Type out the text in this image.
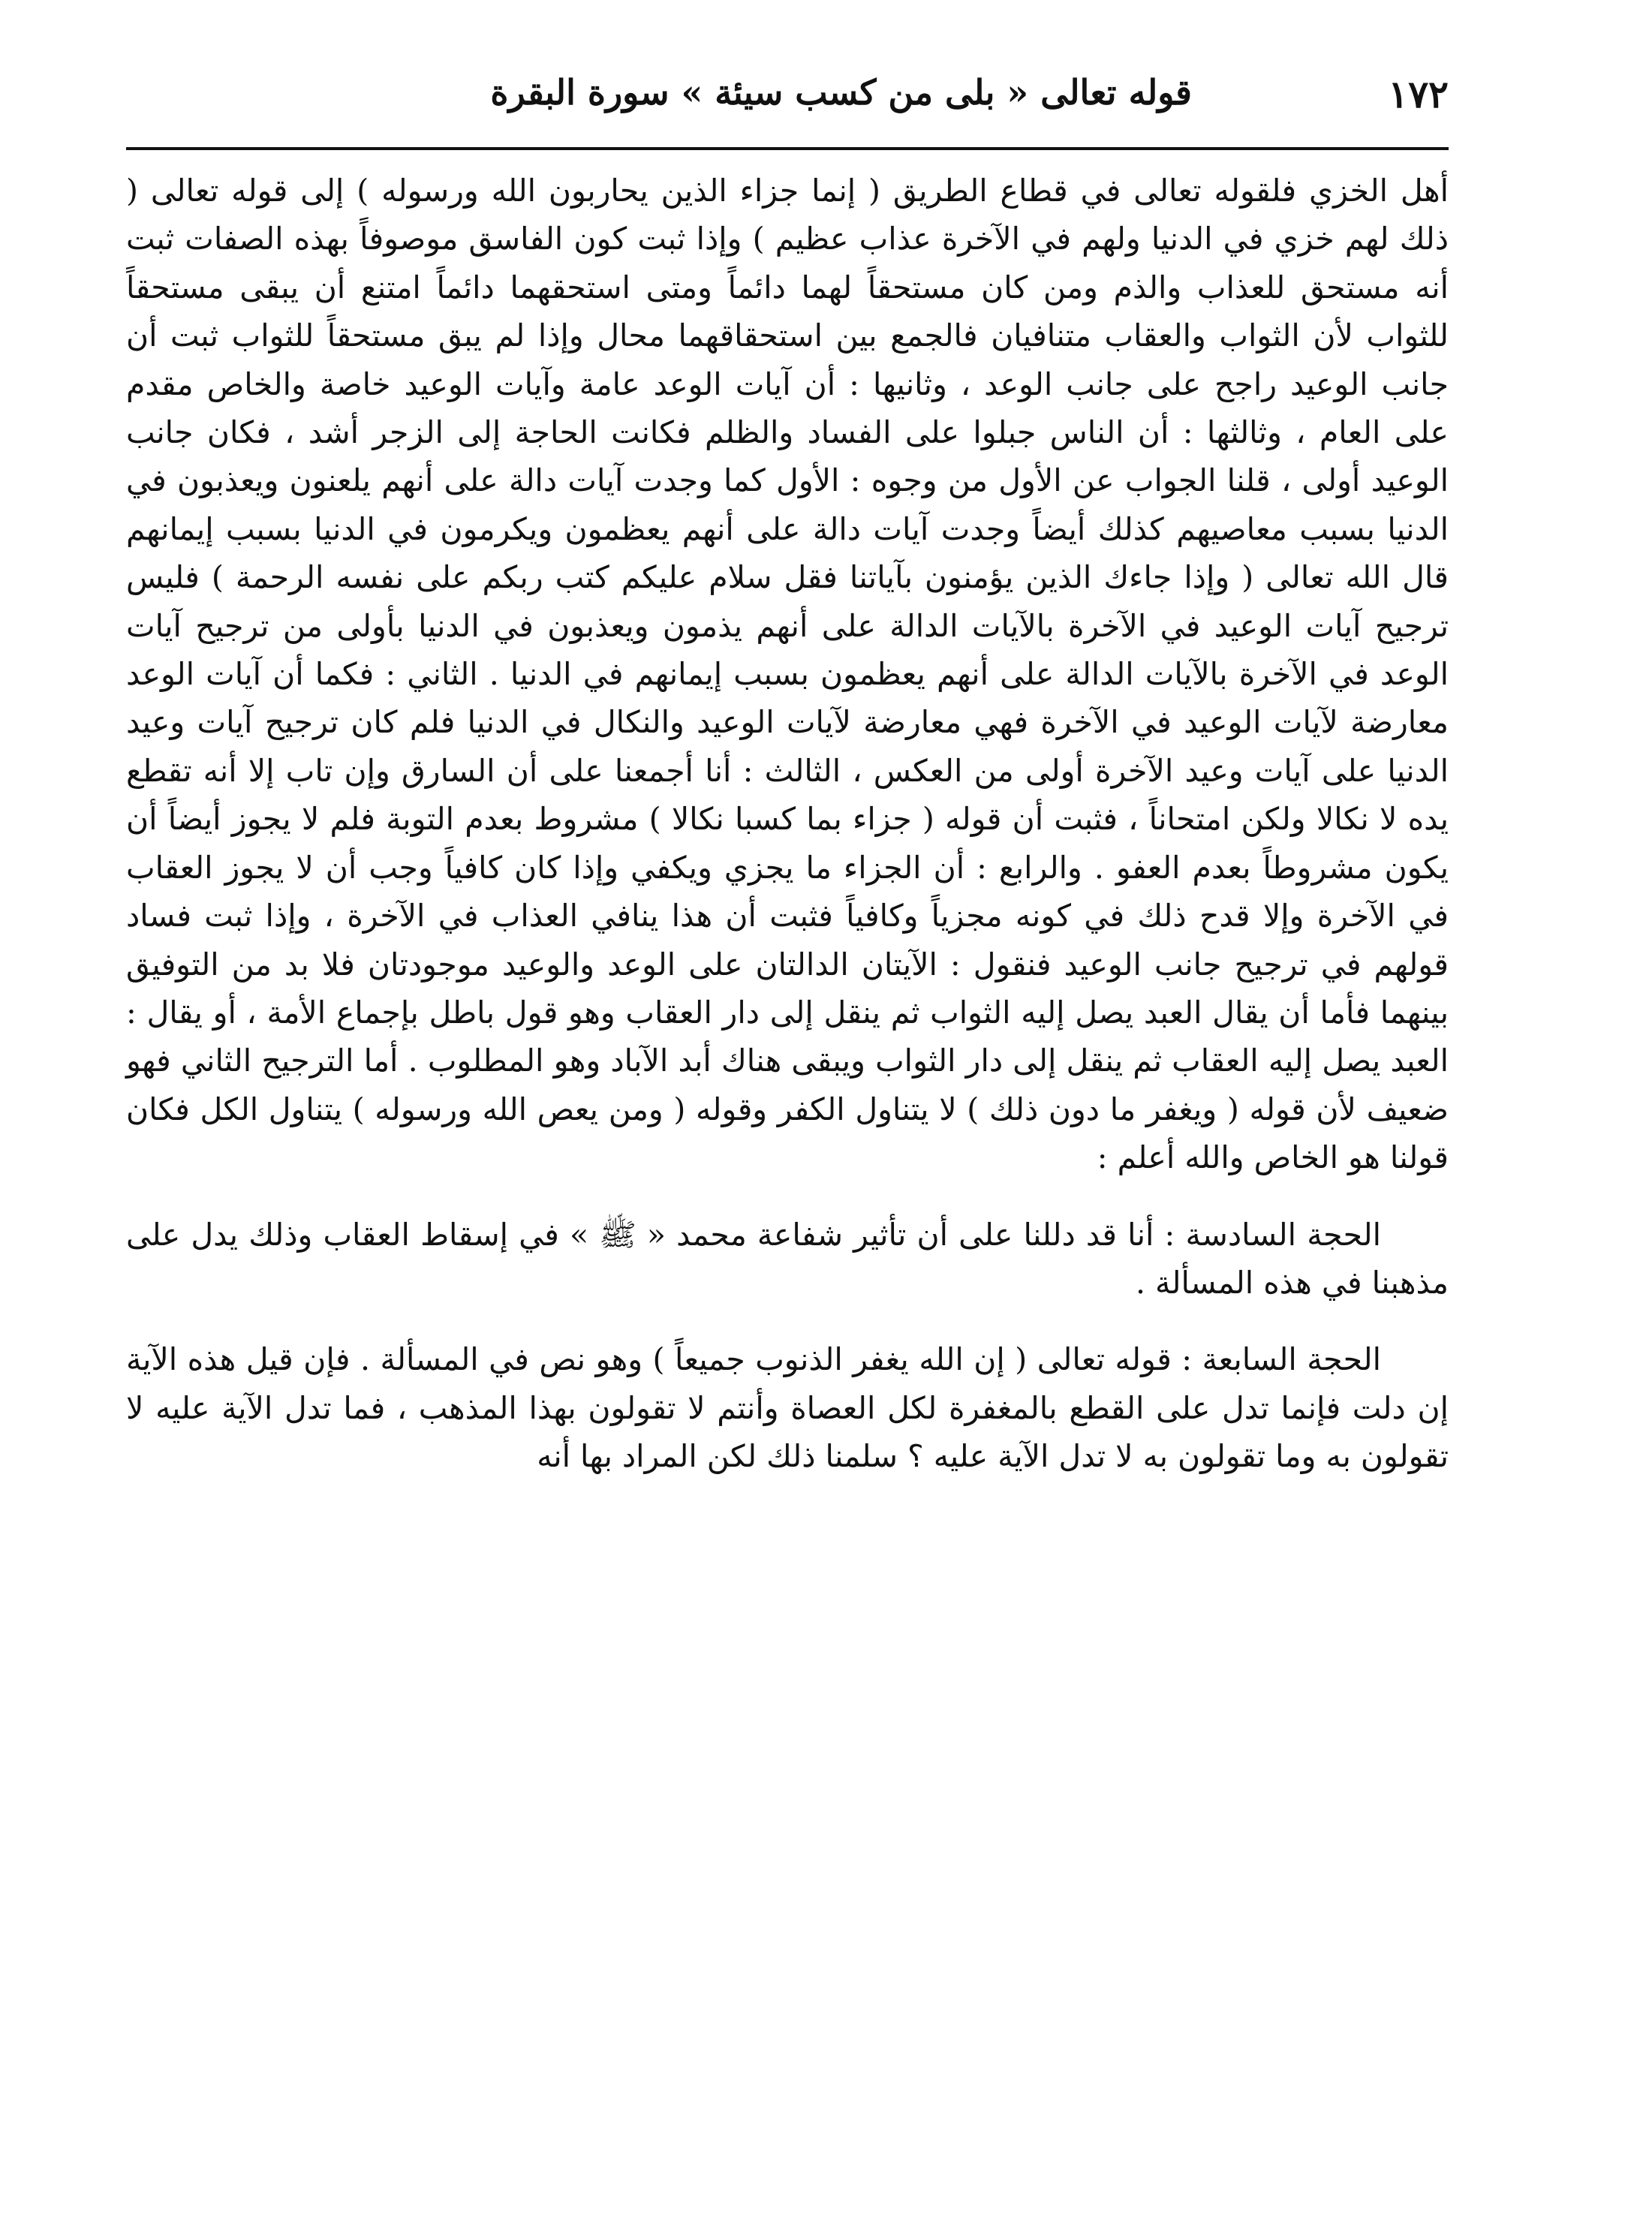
١٧٢
قوله تعالى « بلى من كسب سيئة » سورة البقرة

أهل الخزي فلقوله تعالى في قطاع الطريق ( إنما جزاء الذين يحاربون الله ورسوله ) إلى قوله تعالى ( ذلك لهم خزي في الدنيا ولهم في الآخرة عذاب عظيم ) وإذا ثبت كون الفاسق موصوفاً بهذه الصفات ثبت أنه مستحق للعذاب والذم ومن كان مستحقاً لهما دائماً ومتى استحقهما دائماً امتنع أن يبقى مستحقاً للثواب لأن الثواب والعقاب متنافيان فالجمع بين استحقاقهما محال وإذا لم يبق مستحقاً للثواب ثبت أن جانب الوعيد راجح على جانب الوعد ، وثانيها : أن آيات الوعد عامة وآيات الوعيد خاصة والخاص مقدم على العام ، وثالثها : أن الناس جبلوا على الفساد والظلم فكانت الحاجة إلى الزجر أشد ، فكان جانب الوعيد أولى ، قلنا الجواب عن الأول من وجوه : الأول كما وجدت آيات دالة على أنهم يلعنون ويعذبون في الدنيا بسبب معاصيهم كذلك أيضاً وجدت آيات دالة على أنهم يعظمون ويكرمون في الدنيا بسبب إيمانهم قال الله تعالى ( وإذا جاءك الذين يؤمنون بآياتنا فقل سلام عليكم كتب ربكم على نفسه الرحمة ) فليس ترجيح آيات الوعيد في الآخرة بالآيات الدالة على أنهم يذمون ويعذبون في الدنيا بأولى من ترجيح آيات الوعد في الآخرة بالآيات الدالة على أنهم يعظمون بسبب إيمانهم في الدنيا . الثاني : فكما أن آيات الوعد معارضة لآيات الوعيد في الآخرة فهي معارضة لآيات الوعيد والنكال في الدنيا فلم كان ترجيح آيات وعيد الدنيا على آيات وعيد الآخرة أولى من العكس ، الثالث : أنا أجمعنا على أن السارق وإن تاب إلا أنه تقطع يده لا نكالا ولكن امتحاناً ، فثبت أن قوله ( جزاء بما كسبا نكالا ) مشروط بعدم التوبة فلم لا يجوز أيضاً أن يكون مشروطاً بعدم العفو . والرابع : أن الجزاء ما يجزي ويكفي وإذا كان كافياً وجب أن لا يجوز العقاب في الآخرة وإلا قدح ذلك في كونه مجزياً وكافياً فثبت أن هذا ينافي العذاب في الآخرة ، وإذا ثبت فساد قولهم في ترجيح جانب الوعيد فنقول : الآيتان الدالتان على الوعد والوعيد موجودتان فلا بد من التوفيق بينهما فأما أن يقال العبد يصل إليه الثواب ثم ينقل إلى دار العقاب وهو قول باطل بإجماع الأمة ، أو يقال : العبد يصل إليه العقاب ثم ينقل إلى دار الثواب ويبقى هناك أبد الآباد وهو المطلوب . أما الترجيح الثاني فهو ضعيف لأن قوله ( ويغفر ما دون ذلك ) لا يتناول الكفر وقوله ( ومن يعص الله ورسوله ) يتناول الكل فكان قولنا هو الخاص والله أعلم :

الحجة السادسة : أنا قد دللنا على أن تأثير شفاعة محمد « ﷺ » في إسقاط العقاب وذلك يدل على مذهبنا في هذه المسألة .

الحجة السابعة : قوله تعالى ( إن الله يغفر الذنوب جميعاً ) وهو نص في المسألة . فإن قيل هذه الآية إن دلت فإنما تدل على القطع بالمغفرة لكل العصاة وأنتم لا تقولون بهذا المذهب ، فما تدل الآية عليه لا تقولون به وما تقولون به لا تدل الآية عليه ؟ سلمنا ذلك لكن المراد بها أنه
